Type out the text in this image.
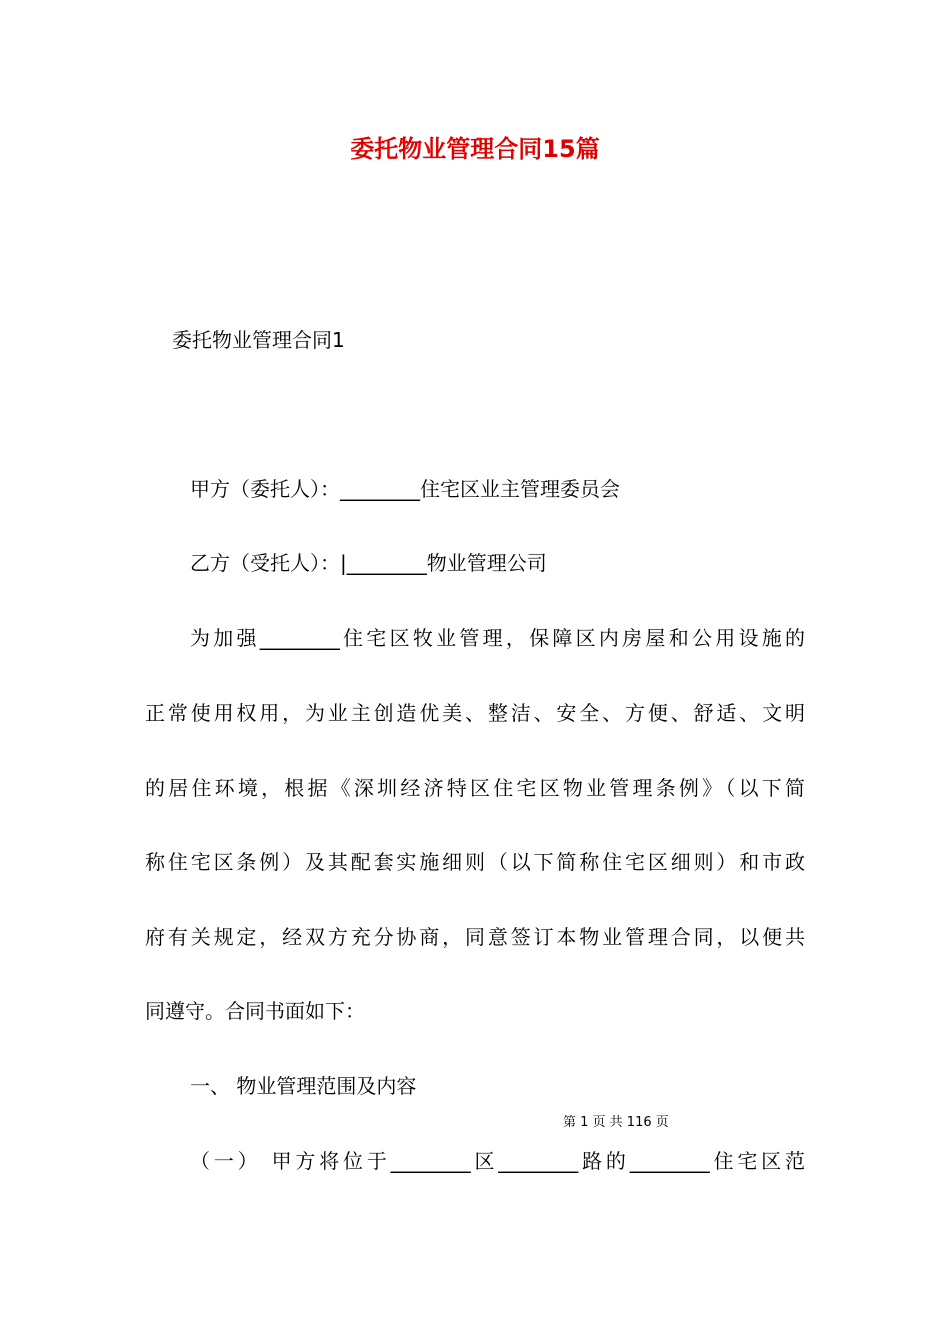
委托物业管理合同15篇
委托物业管理合同1

甲方（委托人）：________住宅区业主管理委员会

乙方（受托人）：|________物业管理公司

为加强________住宅区牧业管理，保障区内房屋和公用设施的

正常使用权用，为业主创造优美、整洁、安全、方便、舒适、文明

的居住环境，根据《深圳经济特区住宅区物业管理条例》（以下简

称住宅区条例）及其配套实施细则（以下简称住宅区细则）和市政

府有关规定，经双方充分协商，同意签订本物业管理合同，以便共

同遵守。合同书面如下：

一、 物业管理范围及内容

第 1 页 共 116 页

（一） 甲方将位于________区________路的________住宅区范
